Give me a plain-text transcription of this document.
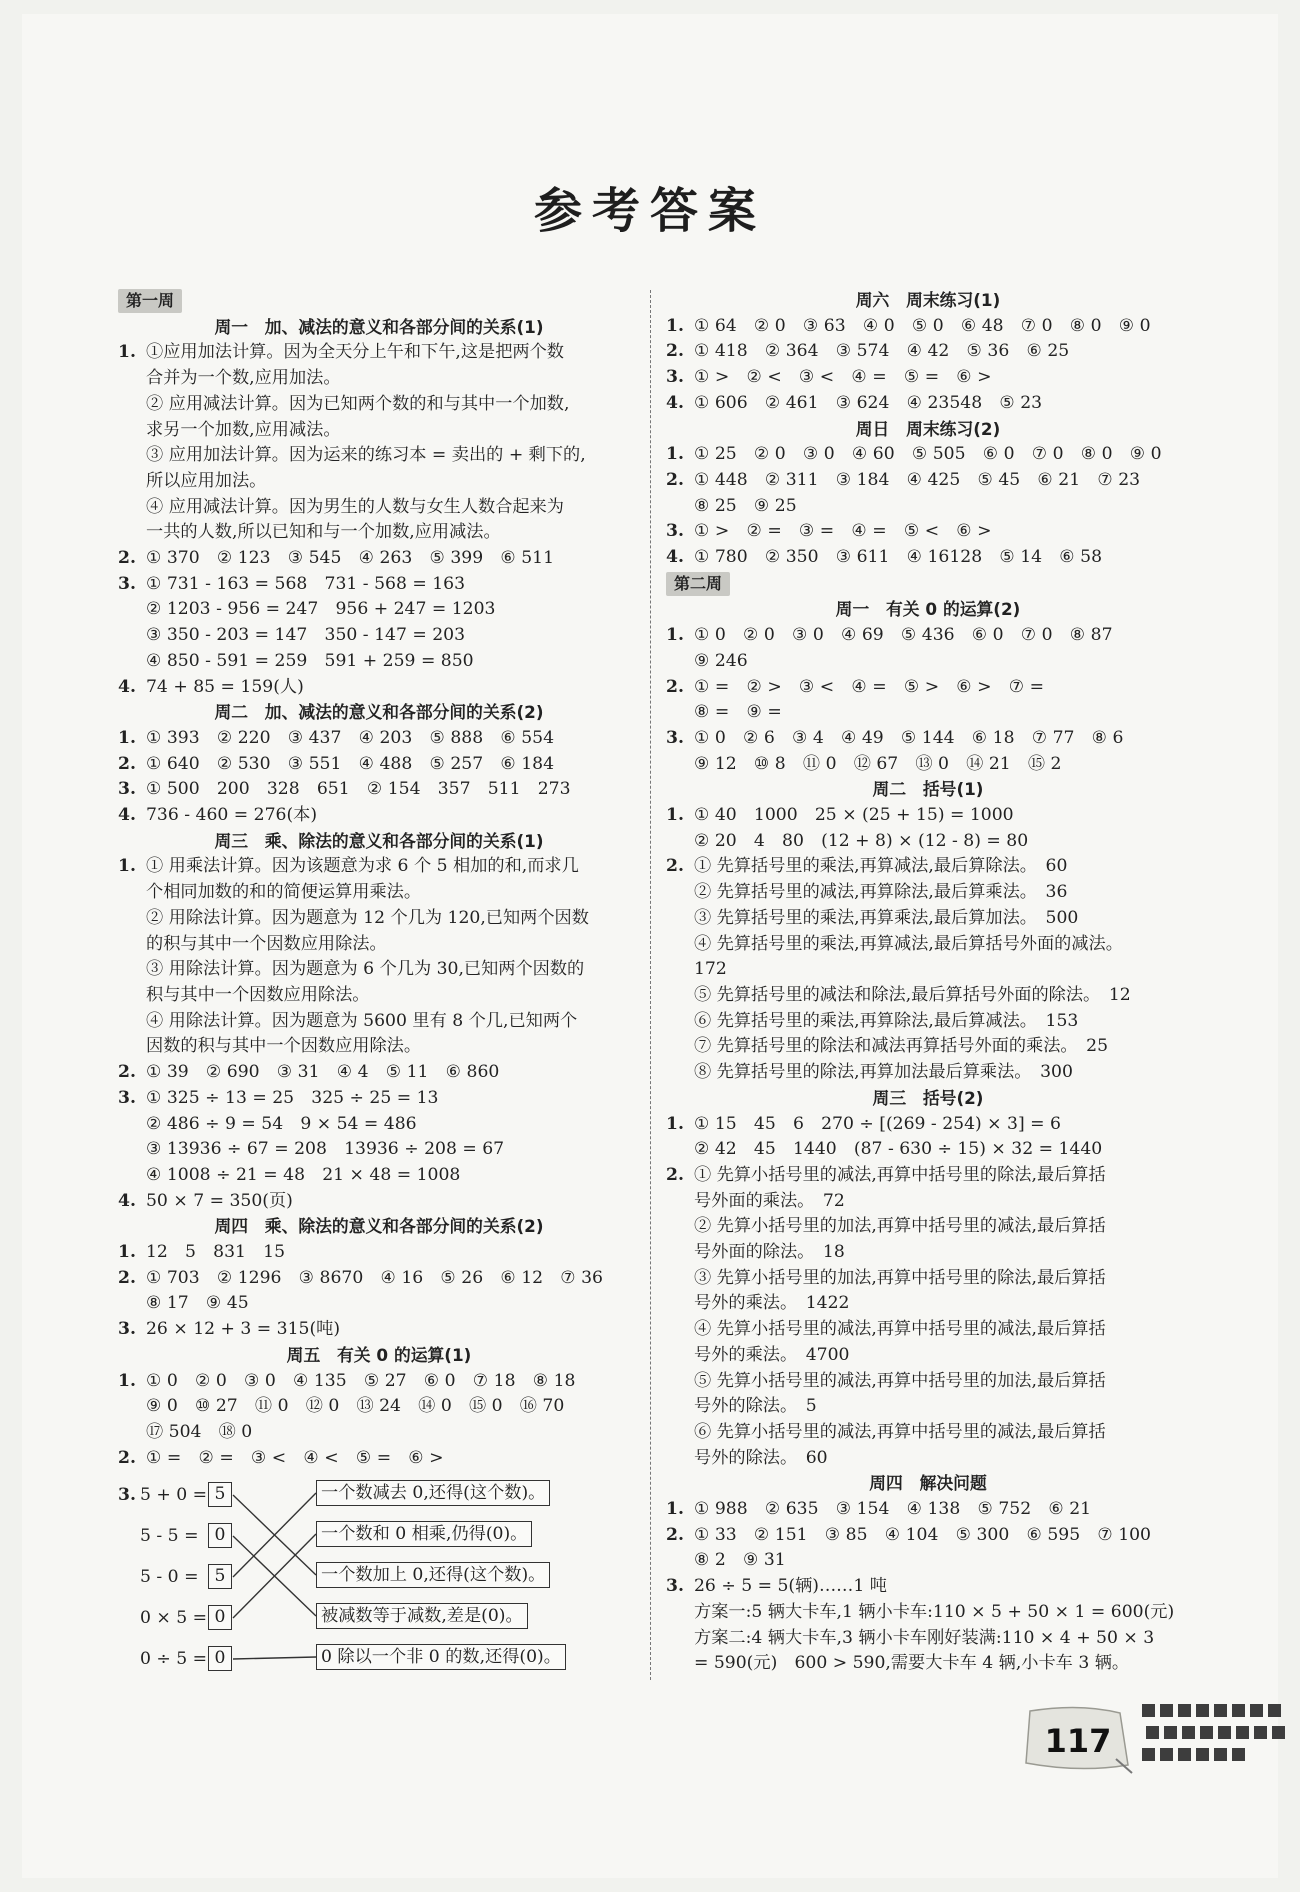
参考答案
第一周
周一　加、减法的意义和各部分间的关系(1)
1. ①应用加法计算。因为全天分上午和下午,这是把两个数
合并为一个数,应用加法。
② 应用减法计算。因为已知两个数的和与其中一个加数,
求另一个加数,应用减法。
③ 应用加法计算。因为运来的练习本 = 卖出的 + 剩下的,
所以应用加法。
④ 应用减法计算。因为男生的人数与女生人数合起来为
一共的人数,所以已知和与一个加数,应用减法。
2. ① 370　② 123　③ 545　④ 263　⑤ 399　⑥ 511
3. ① 731 - 163 = 568　731 - 568 = 163
② 1203 - 956 = 247　956 + 247 = 1203
③ 350 - 203 = 147　350 - 147 = 203
④ 850 - 591 = 259　591 + 259 = 850
4. 74 + 85 = 159(人)
周二　加、减法的意义和各部分间的关系(2)
1. ① 393　② 220　③ 437　④ 203　⑤ 888　⑥ 554
2. ① 640　② 530　③ 551　④ 488　⑤ 257　⑥ 184
3. ① 500　200　328　651　② 154　357　511　273
4. 736 - 460 = 276(本)
周三　乘、除法的意义和各部分间的关系(1)
1. ① 用乘法计算。因为该题意为求 6 个 5 相加的和,而求几
个相同加数的和的简便运算用乘法。
② 用除法计算。因为题意为 12 个几为 120,已知两个因数
的积与其中一个因数应用除法。
③ 用除法计算。因为题意为 6 个几为 30,已知两个因数的
积与其中一个因数应用除法。
④ 用除法计算。因为题意为 5600 里有 8 个几,已知两个
因数的积与其中一个因数应用除法。
2. ① 39　② 690　③ 31　④ 4　⑤ 11　⑥ 860
3. ① 325 ÷ 13 = 25　325 ÷ 25 = 13
② 486 ÷ 9 = 54　9 × 54 = 486
③ 13936 ÷ 67 = 208　13936 ÷ 208 = 67
④ 1008 ÷ 21 = 48　21 × 48 = 1008
4. 50 × 7 = 350(页)
周四　乘、除法的意义和各部分间的关系(2)
1. 12　5　831　15
2. ① 703　② 1296　③ 8670　④ 16　⑤ 26　⑥ 12　⑦ 36
⑧ 17　⑨ 45
3. 26 × 12 + 3 = 315(吨)
周五　有关 0 的运算(1)
1. ① 0　② 0　③ 0　④ 135　⑤ 27　⑥ 0　⑦ 18　⑧ 18
⑨ 0　⑩ 27　⑪ 0　⑫ 0　⑬ 24　⑭ 0　⑮ 0　⑯ 70
⑰ 504　⑱ 0
2. ① =　② =　③ <　④ <　⑤ =　⑥ >
3. 5 + 0 = 5	一个数减去 0,还得(这个数)。
5 - 5 = 0	一个数和 0 相乘,仍得(0)。
5 - 0 = 5	一个数加上 0,还得(这个数)。
0 × 5 = 0	被减数等于减数,差是(0)。
0 ÷ 5 = 0	0 除以一个非 0 的数,还得(0)。
周六　周末练习(1)
1. ① 64　② 0　③ 63　④ 0　⑤ 0　⑥ 48　⑦ 0　⑧ 0　⑨ 0
2. ① 418　② 364　③ 574　④ 42　⑤ 36　⑥ 25
3. ① >　② <　③ <　④ =　⑤ =　⑥ >
4. ① 606　② 461　③ 624　④ 23548　⑤ 23
周日　周末练习(2)
1. ① 25　② 0　③ 0　④ 60　⑤ 505　⑥ 0　⑦ 0　⑧ 0　⑨ 0
2. ① 448　② 311　③ 184　④ 425　⑤ 45　⑥ 21　⑦ 23
⑧ 25　⑨ 25
3. ① >　② =　③ =　④ =　⑤ <　⑥ >
4. ① 780　② 350　③ 611　④ 16128　⑤ 14　⑥ 58
第二周
周一　有关 0 的运算(2)
1. ① 0　② 0　③ 0　④ 69　⑤ 436　⑥ 0　⑦ 0　⑧ 87
⑨ 246
2. ① =　② >　③ <　④ =　⑤ >　⑥ >　⑦ =
⑧ =　⑨ =
3. ① 0　② 6　③ 4　④ 49　⑤ 144　⑥ 18　⑦ 77　⑧ 6
⑨ 12　⑩ 8　⑪ 0　⑫ 67　⑬ 0　⑭ 21　⑮ 2
周二　括号(1)
1. ① 40　1000　25 × (25 + 15) = 1000
② 20　4　80　(12 + 8) × (12 - 8) = 80
2. ① 先算括号里的乘法,再算减法,最后算除法。　60
② 先算括号里的减法,再算除法,最后算乘法。　36
③ 先算括号里的乘法,再算乘法,最后算加法。　500
④ 先算括号里的乘法,再算减法,最后算括号外面的减法。
172
⑤ 先算括号里的减法和除法,最后算括号外面的除法。　12
⑥ 先算括号里的乘法,再算除法,最后算减法。　153
⑦ 先算括号里的除法和减法再算括号外面的乘法。　25
⑧ 先算括号里的除法,再算加法最后算乘法。　300
周三　括号(2)
1. ① 15　45　6　270 ÷ [(269 - 254) × 3] = 6
② 42　45　1440　(87 - 630 ÷ 15) × 32 = 1440
2. ① 先算小括号里的减法,再算中括号里的除法,最后算括
号外面的乘法。　72
② 先算小括号里的加法,再算中括号里的减法,最后算括
号外面的除法。　18
③ 先算小括号里的加法,再算中括号里的除法,最后算括
号外的乘法。　1422
④ 先算小括号里的减法,再算中括号里的减法,最后算括
号外的乘法。　4700
⑤ 先算小括号里的减法,再算中括号里的加法,最后算括
号外的除法。　5
⑥ 先算小括号里的减法,再算中括号里的减法,最后算括
号外的除法。　60
周四　解决问题
1. ① 988　② 635　③ 154　④ 138　⑤ 752　⑥ 21
2. ① 33　② 151　③ 85　④ 104　⑤ 300　⑥ 595　⑦ 100
⑧ 2　⑨ 31
3. 26 ÷ 5 = 5(辆)……1 吨
方案一:5 辆大卡车,1 辆小卡车:110 × 5 + 50 × 1 = 600(元)
方案二:4 辆大卡车,3 辆小卡车刚好装满:110 × 4 + 50 × 3
= 590(元)　600 > 590,需要大卡车 4 辆,小卡车 3 辆。
117
